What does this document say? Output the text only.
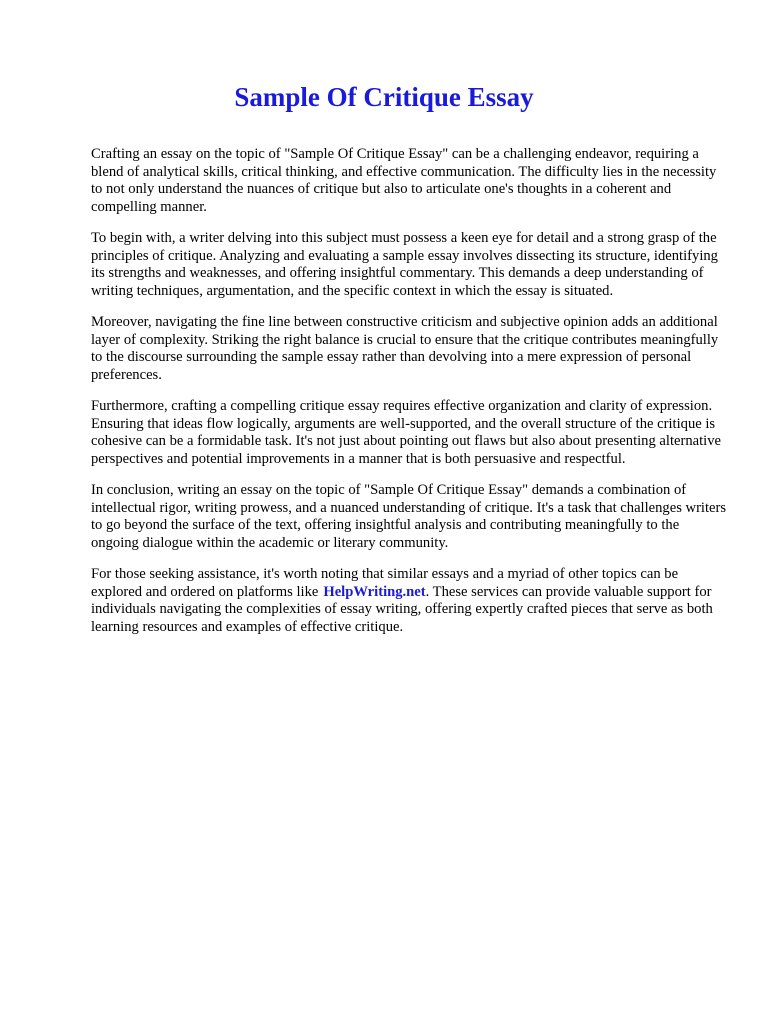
Sample Of Critique Essay

Crafting an essay on the topic of "Sample Of Critique Essay" can be a challenging endeavor, requiring a blend of analytical skills, critical thinking, and effective communication. The difficulty lies in the necessity to not only understand the nuances of critique but also to articulate one's thoughts in a coherent and compelling manner.

To begin with, a writer delving into this subject must possess a keen eye for detail and a strong grasp of the principles of critique. Analyzing and evaluating a sample essay involves dissecting its structure, identifying its strengths and weaknesses, and offering insightful commentary. This demands a deep understanding of writing techniques, argumentation, and the specific context in which the essay is situated.

Moreover, navigating the fine line between constructive criticism and subjective opinion adds an additional layer of complexity. Striking the right balance is crucial to ensure that the critique contributes meaningfully to the discourse surrounding the sample essay rather than devolving into a mere expression of personal preferences.

Furthermore, crafting a compelling critique essay requires effective organization and clarity of expression. Ensuring that ideas flow logically, arguments are well-supported, and the overall structure of the critique is cohesive can be a formidable task. It's not just about pointing out flaws but also about presenting alternative perspectives and potential improvements in a manner that is both persuasive and respectful.

In conclusion, writing an essay on the topic of "Sample Of Critique Essay" demands a combination of intellectual rigor, writing prowess, and a nuanced understanding of critique. It's a task that challenges writers to go beyond the surface of the text, offering insightful analysis and contributing meaningfully to the ongoing dialogue within the academic or literary community.

For those seeking assistance, it's worth noting that similar essays and a myriad of other topics can be explored and ordered on platforms like HelpWriting.net. These services can provide valuable support for individuals navigating the complexities of essay writing, offering expertly crafted pieces that serve as both learning resources and examples of effective critique.
